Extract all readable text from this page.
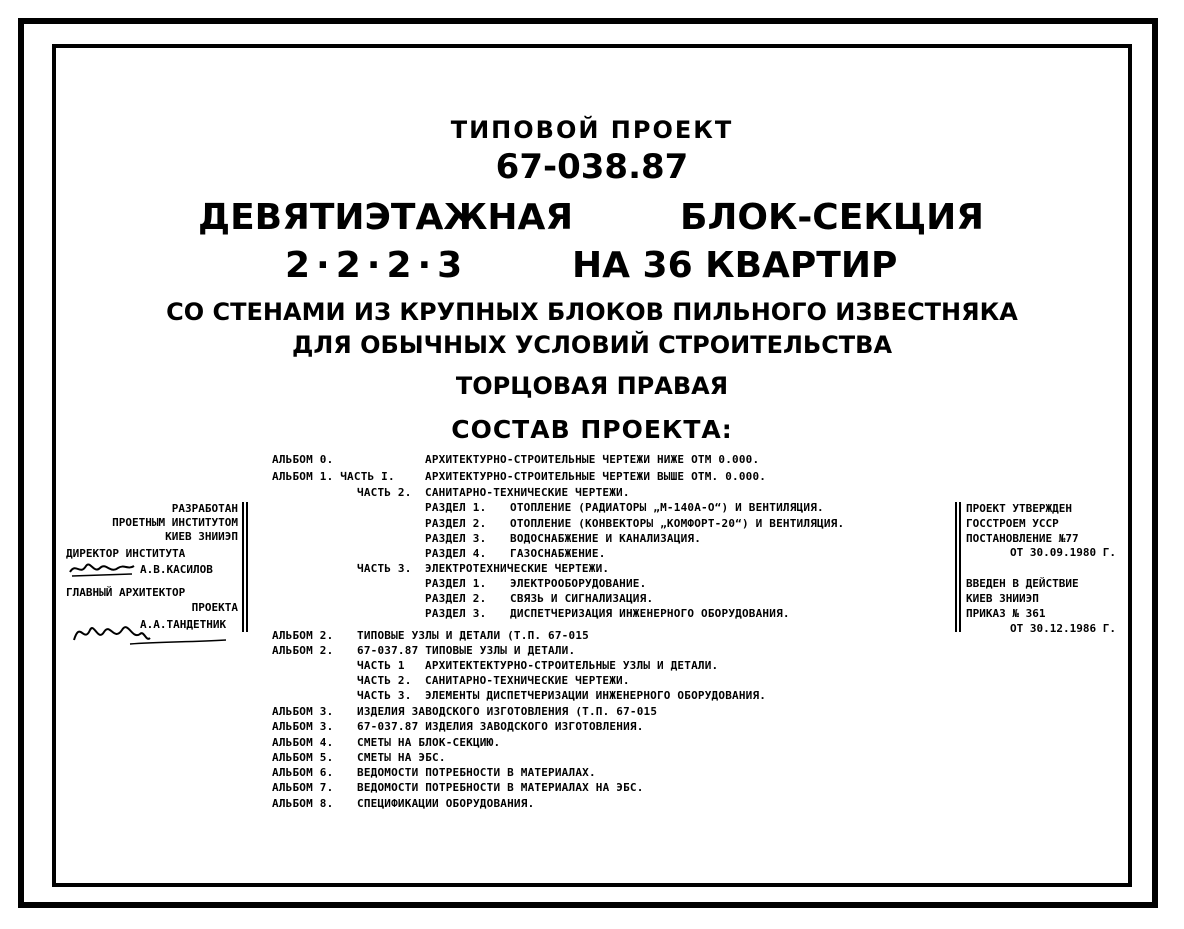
ТИПОВОЙ ПРОЕКТ
67-038.87
ДЕВЯТИЭТАЖНАЯ	БЛОК-СЕКЦИЯ
2·2·2·3	НА 36 КВАРТИР
СО СТЕНАМИ ИЗ КРУПНЫХ БЛОКОВ ПИЛЬНОГО ИЗВЕСТНЯКА
ДЛЯ ОБЫЧНЫХ УСЛОВИЙ СТРОИТЕЛЬСТВА
ТОРЦОВАЯ ПРАВАЯ
СОСТАВ ПРОЕКТА:
АЛЬБОМ 0.
АЛЬБОМ 1. ЧАСТЬ I.
ЧАСТЬ 2.
РАЗДЕЛ 1.
РАЗДЕЛ 2.
РАЗДЕЛ 3.
РАЗДЕЛ 4.
ЧАСТЬ 3.
РАЗДЕЛ 1.
РАЗДЕЛ 2.
РАЗДЕЛ 3.
АЛЬБОМ 2.
АЛЬБОМ 2.
ЧАСТЬ 1
ЧАСТЬ 2.
ЧАСТЬ 3.
АЛЬБОМ 3.
АЛЬБОМ 3.
АЛЬБОМ 4.
АЛЬБОМ 5.
АЛЬБОМ 6.
АЛЬБОМ 7.
АЛЬБОМ 8.
АРХИТЕКТУРНО-СТРОИТЕЛЬНЫЕ ЧЕРТЕЖИ НИЖЕ ОТМ 0.000.
АРХИТЕКТУРНО-СТРОИТЕЛЬНЫЕ ЧЕРТЕЖИ ВЫШЕ ОТМ. 0.000.
САНИТАРНО-ТЕХНИЧЕСКИЕ ЧЕРТЕЖИ.
ОТОПЛЕНИЕ (РАДИАТОРЫ „М-140А-О“) И ВЕНТИЛЯЦИЯ.
ОТОПЛЕНИЕ (КОНВЕКТОРЫ „КОМФОРТ-20“) И ВЕНТИЛЯЦИЯ.
ВОДОСНАБЖЕНИЕ И КАНАЛИЗАЦИЯ.
ГАЗОСНАБЖЕНИЕ.
ЭЛЕКТРОТЕХНИЧЕСКИЕ ЧЕРТЕЖИ.
ЭЛЕКТРООБОРУДОВАНИЕ.
СВЯЗЬ И СИГНАЛИЗАЦИЯ.
ДИСПЕТЧЕРИЗАЦИЯ ИНЖЕНЕРНОГО ОБОРУДОВАНИЯ.
ТИПОВЫЕ УЗЛЫ И ДЕТАЛИ (Т.П. 67-015
67-037.87 ТИПОВЫЕ УЗЛЫ И ДЕТАЛИ.
АРХИТЕКТЕКТУРНО-СТРОИТЕЛЬНЫЕ УЗЛЫ И ДЕТАЛИ.
САНИТАРНО-ТЕХНИЧЕСКИЕ ЧЕРТЕЖИ.
ЭЛЕМЕНТЫ ДИСПЕТЧЕРИЗАЦИИ ИНЖЕНЕРНОГО ОБОРУДОВАНИЯ.
ИЗДЕЛИЯ ЗАВОДСКОГО ИЗГОТОВЛЕНИЯ (Т.П. 67-015
67-037.87 ИЗДЕЛИЯ ЗАВОДСКОГО ИЗГОТОВЛЕНИЯ.
СМЕТЫ НА БЛОК-СЕКЦИЮ.
СМЕТЫ НА ЭБС.
ВЕДОМОСТИ ПОТРЕБНОСТИ В МАТЕРИАЛАХ.
ВЕДОМОСТИ ПОТРЕБНОСТИ В МАТЕРИАЛАХ НА ЭБС.
СПЕЦИФИКАЦИИ ОБОРУДОВАНИЯ.
РАЗРАБОТАН
ПРОЕТНЫМ ИНСТИТУТОМ
КИЕВ ЗНИИЭП
ДИРЕКТОР ИНСТИТУТА
А.В.КАСИЛОВ
ГЛАВНЫЙ АРХИТЕКТОР
ПРОЕКТА
А.А.ТАНДЕТНИК
ПРОЕКТ УТВЕРЖДЕН
ГОССТРОЕМ УССР
ПОСТАНОВЛЕНИЕ №77
ОТ 30.09.1980 Г.
ВВЕДЕН В ДЕЙСТВИЕ
КИЕВ ЗНИИЭП
ПРИКАЗ № 361
ОТ 30.12.1986 Г.
